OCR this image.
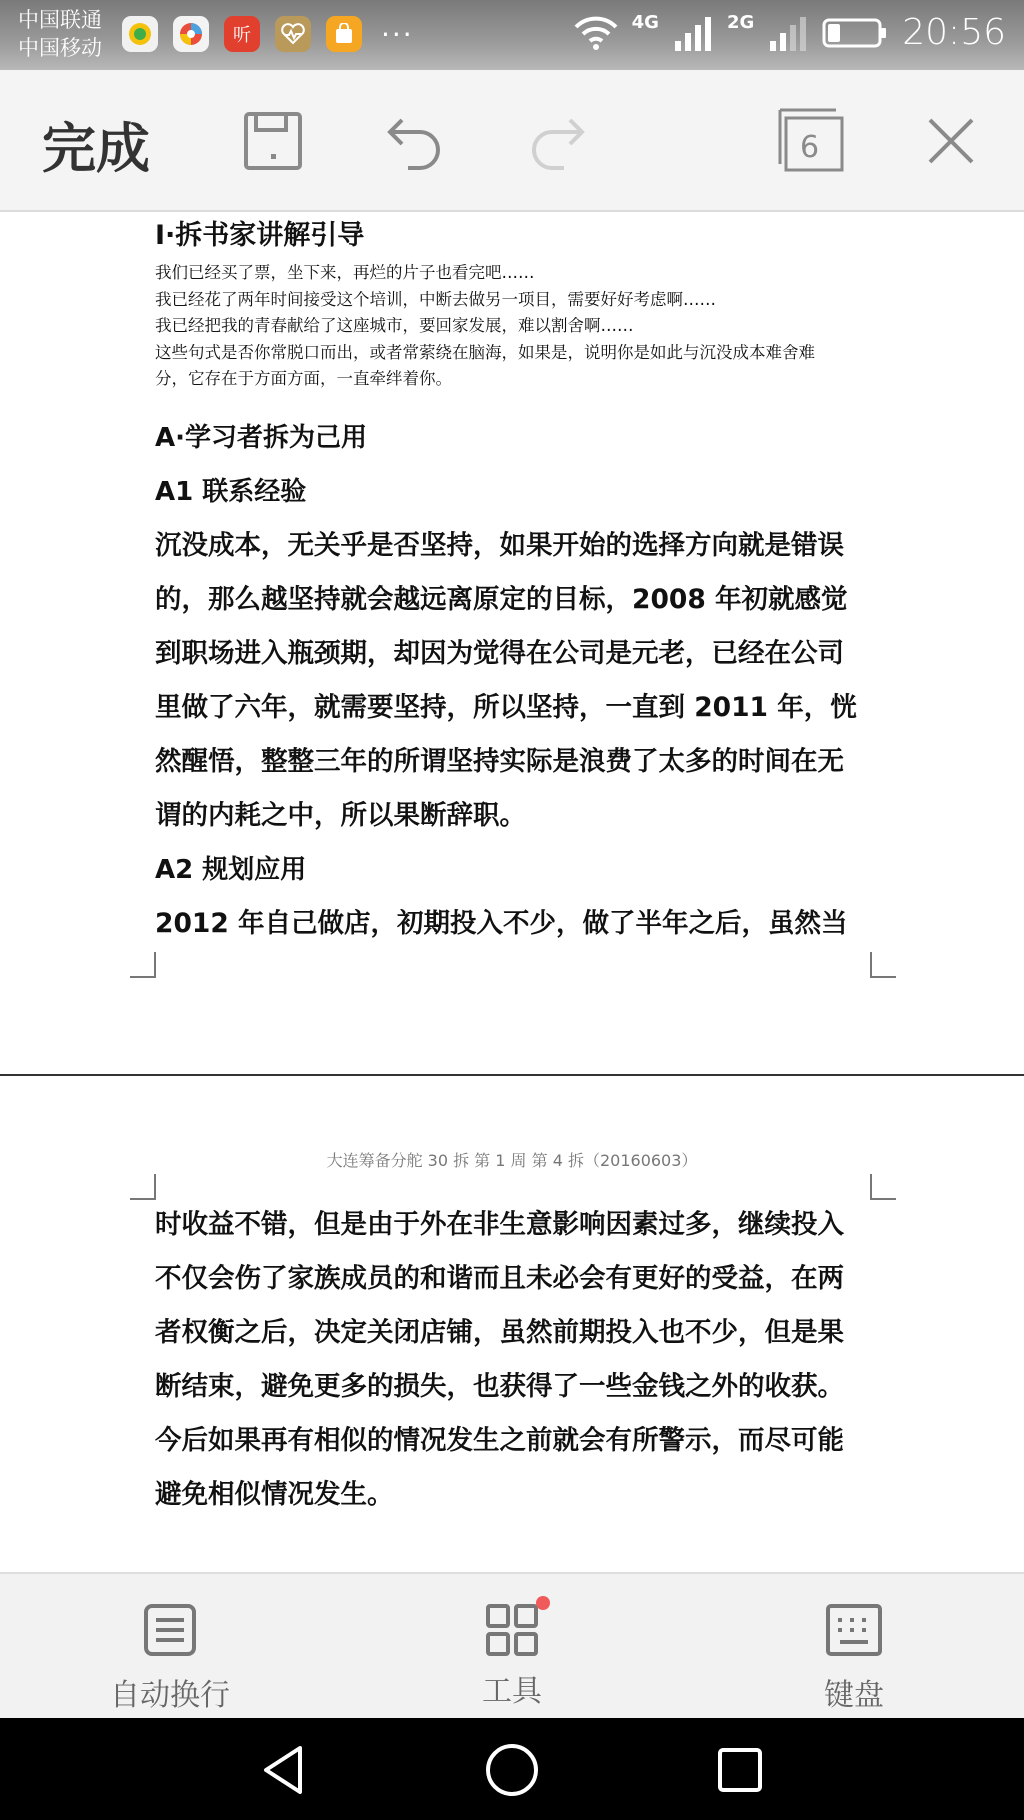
中国联通
中国移动
听	···	4G	2G	20:56
完成	6
Ⅰ·拆书家讲解引导
我们已经买了票，坐下来，再烂的片子也看完吧……
我已经花了两年时间接受这个培训，中断去做另一项目，需要好好考虑啊……
我已经把我的青春献给了这座城市，要回家发展，难以割舍啊……
这些句式是否你常脱口而出，或者常萦绕在脑海，如果是，说明你是如此与沉没成本难舍难
分，它存在于方面方面，一直牵绊着你。
A·学习者拆为己用
A1 联系经验
沉没成本，无关乎是否坚持，如果开始的选择方向就是错误
的，那么越坚持就会越远离原定的目标，2008 年初就感觉
到职场进入瓶颈期，却因为觉得在公司是元老，已经在公司
里做了六年，就需要坚持，所以坚持，一直到 2011 年，恍
然醒悟，整整三年的所谓坚持实际是浪费了太多的时间在无
谓的内耗之中，所以果断辞职。
A2 规划应用
2012 年自己做店，初期投入不少，做了半年之后，虽然当
大连筹备分舵 30 拆 第 1 周 第 4 拆（20160603）
时收益不错，但是由于外在非生意影响因素过多，继续投入
不仅会伤了家族成员的和谐而且未必会有更好的受益，在两
者权衡之后，决定关闭店铺，虽然前期投入也不少，但是果
断结束，避免更多的损失，也获得了一些金钱之外的收获。
今后如果再有相似的情况发生之前就会有所警示，而尽可能
避免相似情况发生。
自动换行	工具	键盘
